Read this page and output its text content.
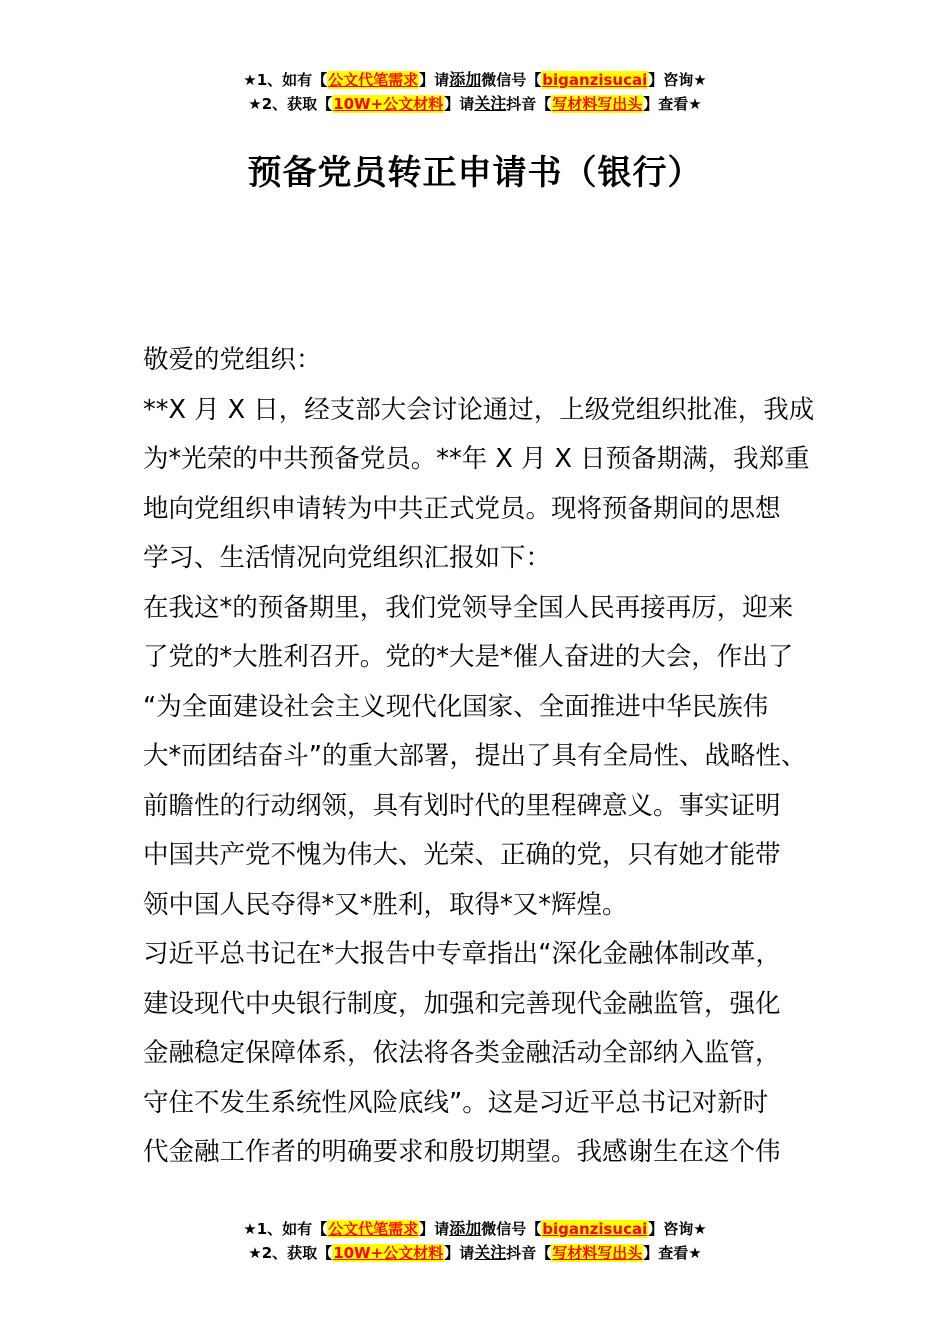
★1、如有【公文代笔需求】请添加微信号【biganzisucai】咨询★
★2、获取【10W+公文材料】请关注抖音【写材料写出头】查看★
预备党员转正申请书（银行）
敬爱的党组织：
**X 月 X 日，经支部大会讨论通过，上级党组织批准，我成
为*光荣的中共预备党员。**年 X 月 X 日预备期满，我郑重
地向党组织申请转为中共正式党员。现将预备期间的思想
学习、生活情况向党组织汇报如下：
在我这*的预备期里，我们党领导全国人民再接再厉，迎来
了党的*大胜利召开。党的*大是*催人奋进的大会，作出了
“为全面建设社会主义现代化国家、全面推进中华民族伟
大*而团结奋斗”的重大部署，提出了具有全局性、战略性、
前瞻性的行动纲领，具有划时代的里程碑意义。事实证明
中国共产党不愧为伟大、光荣、正确的党，只有她才能带
领中国人民夺得*又*胜利，取得*又*辉煌。
习近平总书记在*大报告中专章指出“深化金融体制改革，
建设现代中央银行制度，加强和完善现代金融监管，强化
金融稳定保障体系，依法将各类金融活动全部纳入监管，
守住不发生系统性风险底线”。这是习近平总书记对新时
代金融工作者的明确要求和殷切期望。我感谢生在这个伟
★1、如有【公文代笔需求】请添加微信号【biganzisucai】咨询★
★2、获取【10W+公文材料】请关注抖音【写材料写出头】查看★
